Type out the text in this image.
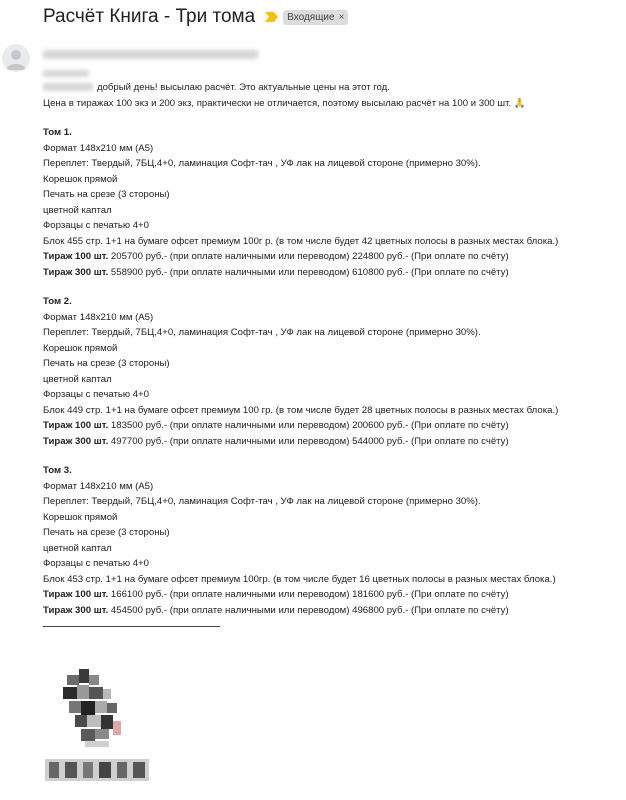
Расчёт Книга - Три тома	Входящие ×

добрый день! высылаю расчёт. Это актуальные цены на этот год.

Цена в тиражах 100 экз и 200 экз, практически не отличается, поэтому высылаю расчёт на 100 и 300 шт. 🙏

Том 1.

Формат 148х210 мм (А5)

Переплет: Твердый, 7БЦ,4+0, ламинация Софт-тач , УФ лак на лицевой стороне (примерно 30%).

Корешок прямой

Печать на срезе (3 стороны)

цветной каптал

Форзацы с печатью 4+0

Блок 455 стр. 1+1 на бумаге офсет премиум 100г р. (в том числе будет 42 цветных полосы в разных местах блока.)

Тираж 100 шт. 205700 руб.- (при оплате наличными или переводом) 224800 руб.- (При оплате по счёту)

Тираж 300 шт. 558900 руб.- (при оплате наличными или переводом) 610800 руб.- (При оплате по счёту)

Том 2.

Формат 148х210 мм (А5)

Переплет: Твердый, 7БЦ,4+0, ламинация Софт-тач , УФ лак на лицевой стороне (примерно 30%).

Корешок прямой

Печать на срезе (3 стороны)

цветной каптал

Форзацы с печатью 4+0

Блок 449 стр. 1+1 на бумаге офсет премиум 100 гр. (в том числе будет 28 цветных полосы в разных местах блока.)

Тираж 100 шт. 183500 руб.- (при оплате наличными или переводом) 200600 руб.- (При оплате по счёту)

Тираж 300 шт. 497700 руб.- (при оплате наличными или переводом) 544000 руб.- (При оплате по счёту)

Том 3.

Формат 148х210 мм (А5)

Переплет: Твердый, 7БЦ,4+0, ламинация Софт-тач , УФ лак на лицевой стороне (примерно 30%).

Корешок прямой

Печать на срезе (3 стороны)

цветной каптал

Форзацы с печатью 4+0

Блок 453 стр. 1+1 на бумаге офсет премиум 100гр. (в том числе будет 16 цветных полосы в разных местах блока.)

Тираж 100 шт. 166100 руб.- (при оплате наличными или переводом) 181600 руб.- (При оплате по счёту)

Тираж 300 шт. 454500 руб.- (при оплате наличными или переводом) 496800 руб.- (При оплате по счёту)
